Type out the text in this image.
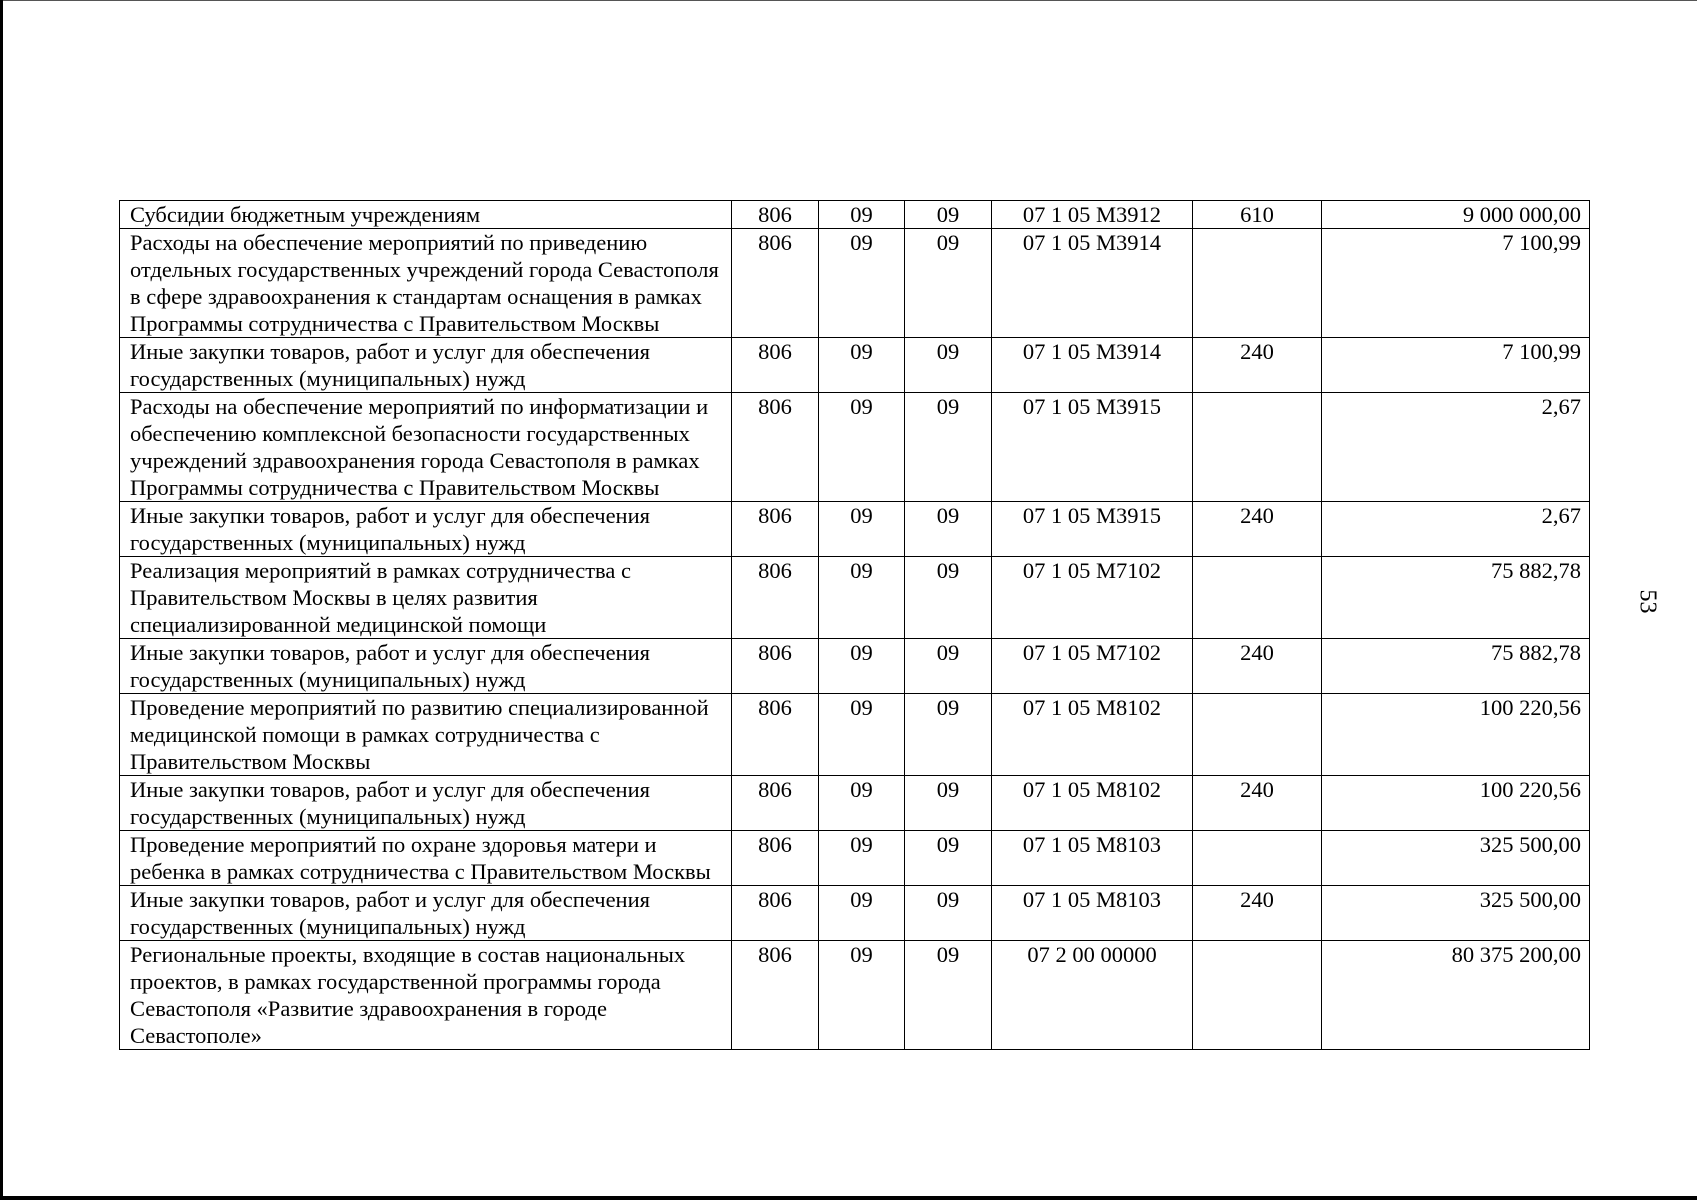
Субсидии бюджетным учреждениям	806	09	09	07 1 05 М3912	610	9 000 000,00
Расходы на обеспечение мероприятий по приведению отдельных государственных учреждений города Севастополя в сфере здравоохранения к стандартам оснащения в рамках Программы сотрудничества с Правительством Москвы	806	09	09	07 1 05 М3914		7 100,99
Иные закупки товаров, работ и услуг для обеспечения государственных (муниципальных) нужд	806	09	09	07 1 05 М3914	240	7 100,99
Расходы на обеспечение мероприятий по информатизации и обеспечению комплексной безопасности государственных учреждений здравоохранения города Севастополя в рамках Программы сотрудничества с Правительством Москвы	806	09	09	07 1 05 М3915		2,67
Иные закупки товаров, работ и услуг для обеспечения государственных (муниципальных) нужд	806	09	09	07 1 05 М3915	240	2,67
Реализация мероприятий в рамках сотрудничества с Правительством Москвы в целях развития специализированной медицинской помощи	806	09	09	07 1 05 М7102		75 882,78
Иные закупки товаров, работ и услуг для обеспечения государственных (муниципальных) нужд	806	09	09	07 1 05 М7102	240	75 882,78
Проведение мероприятий по развитию специализированной медицинской помощи в рамках сотрудничества с Правительством Москвы	806	09	09	07 1 05 М8102		100 220,56
Иные закупки товаров, работ и услуг для обеспечения государственных (муниципальных) нужд	806	09	09	07 1 05 М8102	240	100 220,56
Проведение мероприятий по охране здоровья матери и ребенка в рамках сотрудничества с Правительством Москвы	806	09	09	07 1 05 М8103		325 500,00
Иные закупки товаров, работ и услуг для обеспечения государственных (муниципальных) нужд	806	09	09	07 1 05 М8103	240	325 500,00
Региональные проекты, входящие в состав национальных проектов, в рамках государственной программы города Севастополя «Развитие здравоохранения в городе Севастополе»	806	09	09	07 2 00 00000		80 375 200,00
53
